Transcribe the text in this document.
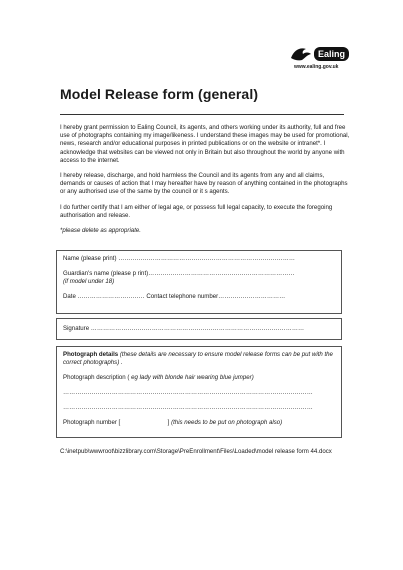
Ealing
www.ealing.gov.uk
Model Release form (general)

I hereby grant permission to Ealing Council, its agents, and others working under its authority, full and free use of photographs containing my image/likeness. I understand these images may be used for promotional, news, research and/or educational purposes in printed publications or on the website or intranet*. I acknowledge that websites can be viewed not only in Britain but also throughout the world by anyone with access to the internet.

I hereby release, discharge, and hold harmless the Council and its agents from any and all claims, demands or causes of action that I may hereafter have by reason of anything contained in the photographs or any authorised use of the same by the council or it s agents.

I do further certify that I am either of legal age, or possess full legal capacity, to execute the foregoing authorisation and release.

*please delete as appropriate.

Name (please print) ……………………………………………………………………………
Guardian's name (please p rint)………………………………………………………………
(if model under 18)
Date …………………………… Contact telephone number……………………………
Signature ……………………………………………………………………………………………
Photograph details (these details are necessary to ensure model release forms can be put with the correct photographs) .
Photograph description ( eg lady with blonde hair wearing blue jumper)
……………………………………………………………………………………………………………
……………………………………………………………………………………………………………
Photograph number [	] (this needs to be put on photograph also)
C:\inetpub\wwwroot\bizzlibrary.com\Storage\PreEnrollment\Files\Loaded\model release form 44.docx
